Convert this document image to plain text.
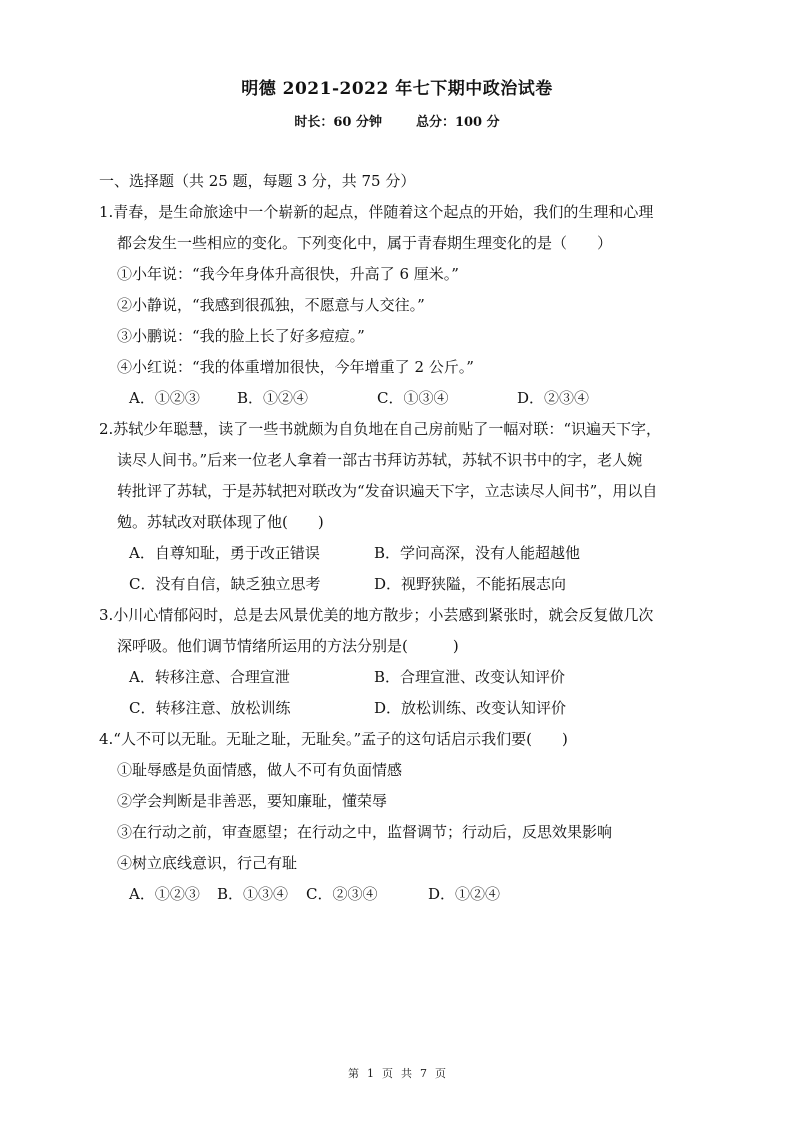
明德 2021-2022 年七下期中政治试卷
时长：60 分钟	总分：100 分
一、选择题（共 25 题，每题 3 分，共 75 分）
1.青春，是生命旅途中一个崭新的起点，伴随着这个起点的开始，我们的生理和心理
都会发生一些相应的变化。下列变化中，属于青春期生理变化的是（　　）
①小年说：“我今年身体升高很快，升高了 6 厘米。”
②小静说，“我感到很孤独，不愿意与人交往。”
③小鹏说：“我的脸上长了好多痘痘。”
④小红说：“我的体重增加很快，今年增重了 2 公斤。”
A．①②③	B．①②④	C．①③④	D．②③④
2.苏轼少年聪慧，读了一些书就颇为自负地在自己房前贴了一幅对联：“识遍天下字，
读尽人间书。”后来一位老人拿着一部古书拜访苏轼，苏轼不识书中的字，老人婉
转批评了苏轼，于是苏轼把对联改为“发奋识遍天下字，立志读尽人间书”，用以自
勉。苏轼改对联体现了他(　　)
A．自尊知耻，勇于改正错误	B．学问高深，没有人能超越他
C．没有自信，缺乏独立思考	D．视野狭隘，不能拓展志向
3.小川心情郁闷时，总是去风景优美的地方散步；小芸感到紧张时，就会反复做几次
深呼吸。他们调节情绪所运用的方法分别是(　　　)
A．转移注意、合理宣泄	B．合理宣泄、改变认知评价
C．转移注意、放松训练	D．放松训练、改变认知评价
4.“人不可以无耻。无耻之耻，无耻矣。”孟子的这句话启示我们要(　　)
①耻辱感是负面情感，做人不可有负面情感
②学会判断是非善恶，要知廉耻，懂荣辱
③在行动之前，审查愿望；在行动之中，监督调节；行动后，反思效果影响
④树立底线意识，行己有耻
A．①②③	B．①③④	C．②③④	D．①②④
第 1 页 共 7 页
